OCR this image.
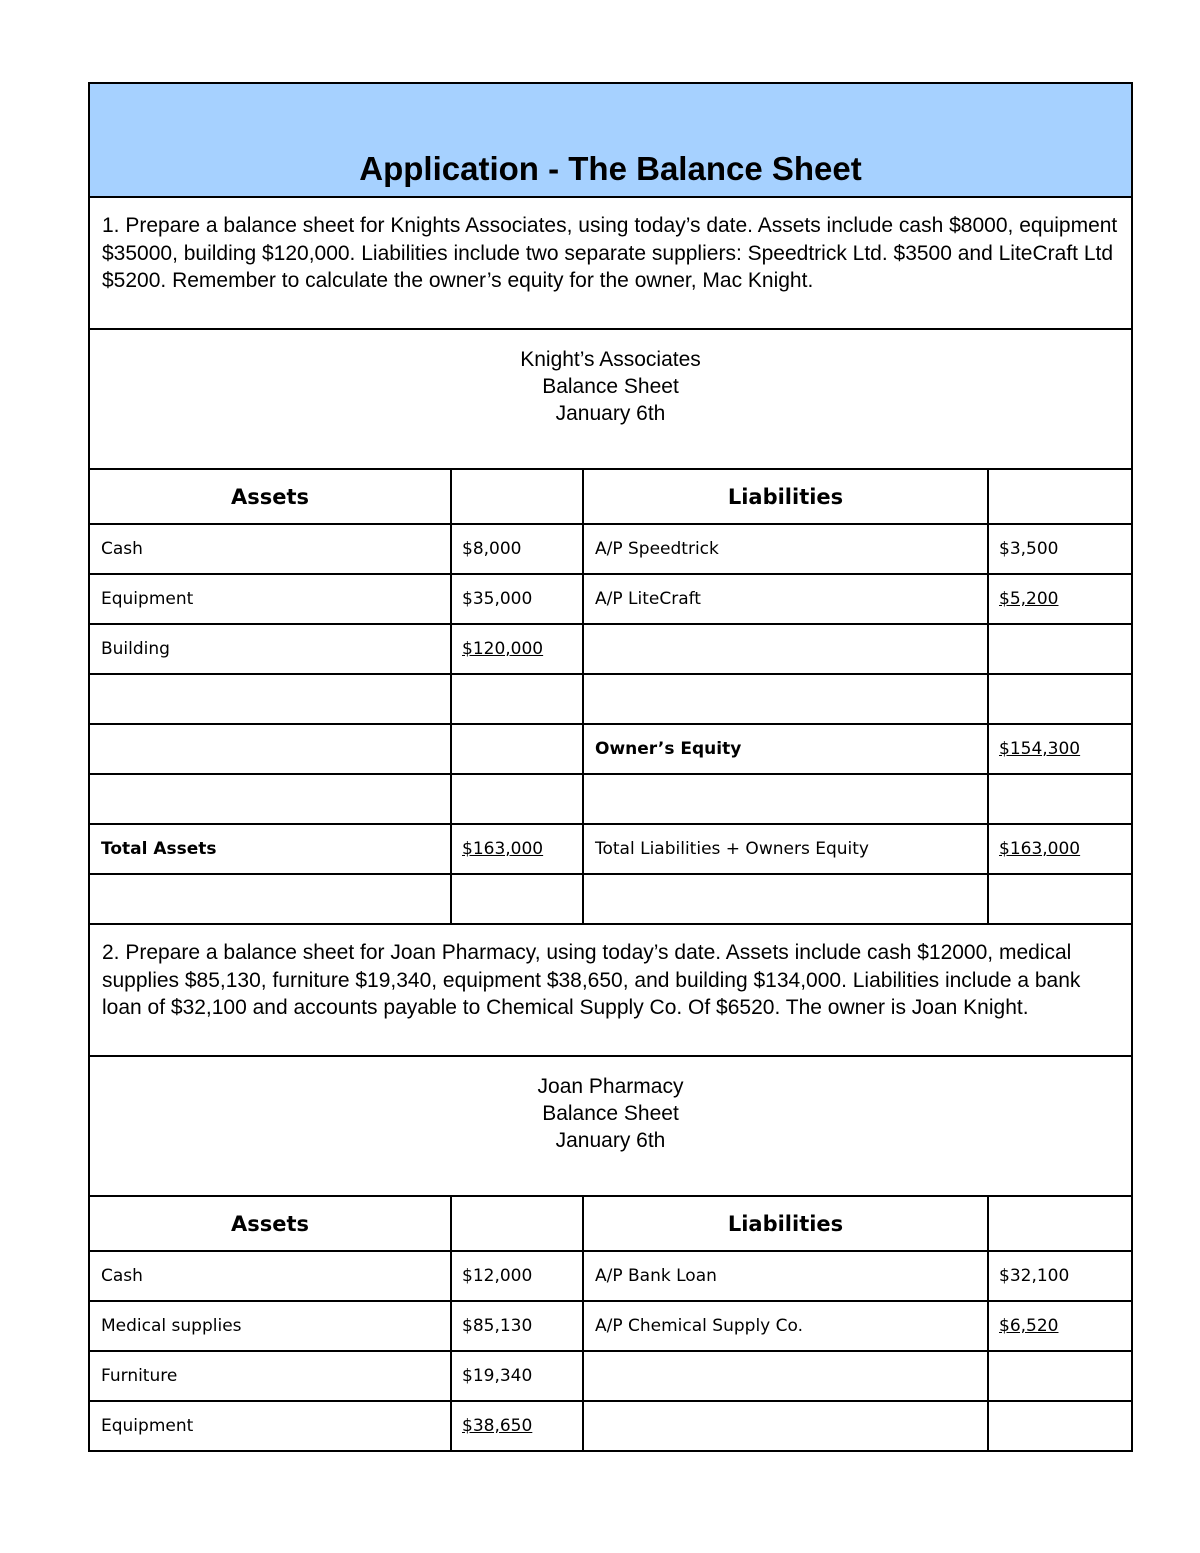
Application - The Balance Sheet			

1. Prepare a balance sheet for Knights Associates, using today’s date. Assets include cash $8000, equipment $35000, building $120,000. Liabilities include two separate suppliers: Speedtrick Ltd. $3500 and LiteCraft Ltd $5200. Remember to calculate the owner’s equity for the owner, Mac Knight.			

Knight’s Associates
Balance Sheet
January 6th			

Assets		Liabilities	
Cash	$8,000	A/P Speedtrick	$3,500
Equipment	$35,000	A/P LiteCraft	$5,200
Building	$120,000		

		Owner’s Equity	$154,300

Total Assets	$163,000	Total Liabilities + Owners Equity	$163,000

2. Prepare a balance sheet for Joan Pharmacy, using today’s date. Assets include cash $12000, medical supplies $85,130, furniture $19,340, equipment $38,650, and building $134,000. Liabilities include a bank loan of $32,100 and accounts payable to Chemical Supply Co. Of $6520. The owner is Joan Knight.			

Joan Pharmacy
Balance Sheet
January 6th			

Assets		Liabilities	
Cash	$12,000	A/P Bank Loan	$32,100
Medical supplies	$85,130	A/P Chemical Supply Co.	$6,520
Furniture	$19,340		
Equipment	$38,650		
